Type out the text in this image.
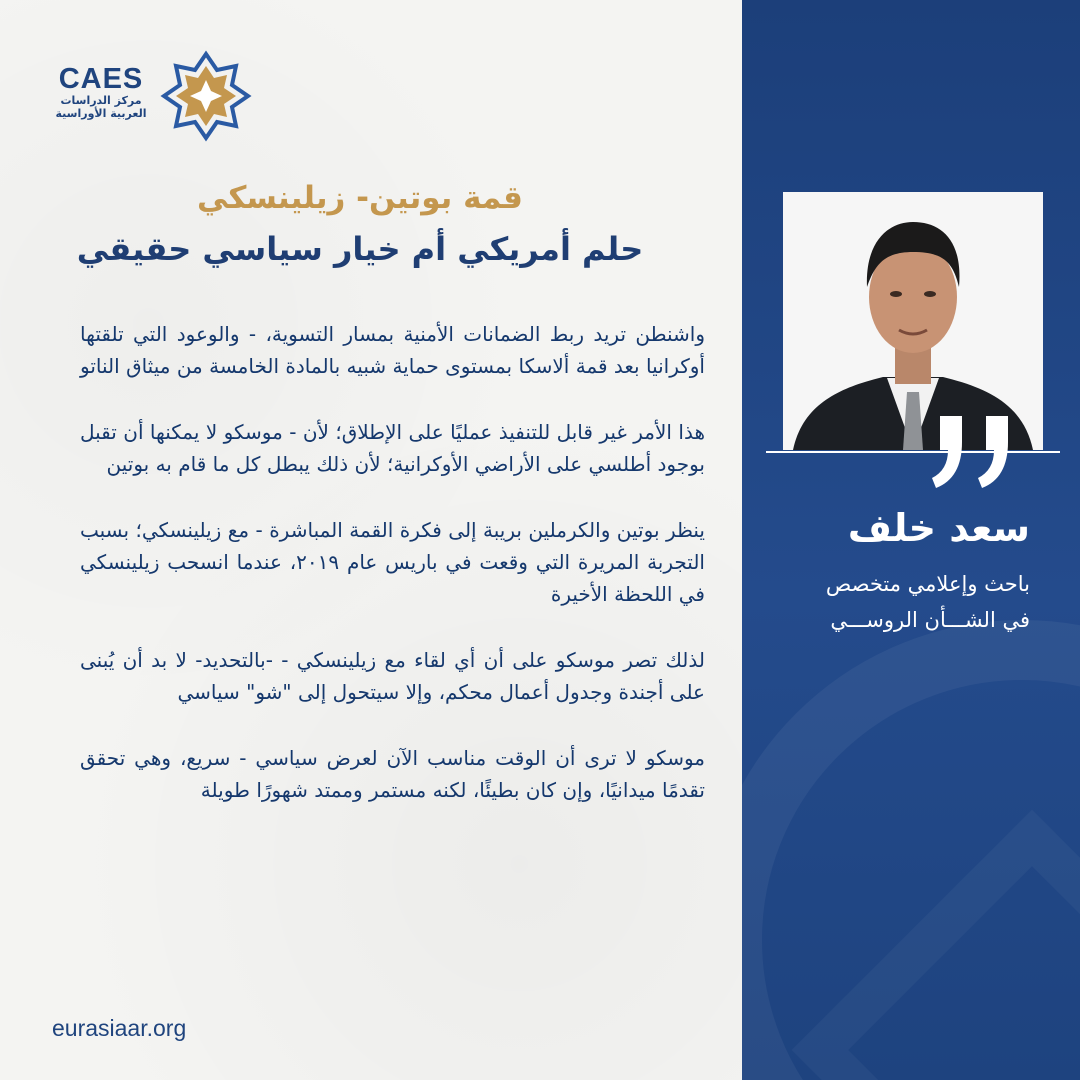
CAES
مركز الدراسات
العربية الأوراسية
قمة بوتين- زيلينسكي
حلم أمريكي أم خيار سياسي حقيقي

واشنطن تريد ربط الضمانات الأمنية بمسار التسوية، - والوعود التي تلقتها أوكرانيا بعد قمة ألاسكا بمستوى حماية شبيه بالمادة الخامسة من ميثاق الناتو

هذا الأمر غير قابل للتنفيذ عمليًا على الإطلاق؛ لأن - موسكو لا يمكنها أن تقبل بوجود أطلسي على الأراضي الأوكرانية؛ لأن ذلك يبطل كل ما قام به بوتين

ينظر بوتين والكرملين بريبة إلى فكرة القمة المباشرة - مع زيلينسكي؛ بسبب التجربة المريرة التي وقعت في باريس عام ٢٠١٩، عندما انسحب زيلينسكي في اللحظة الأخيرة

لذلك تصر موسكو على أن أي لقاء مع زيلينسكي - -بالتحديد- لا بد أن يُبنى على أجندة وجدول أعمال محكم، وإلا سيتحول إلى "شو" سياسي

موسكو لا ترى أن الوقت مناسب الآن لعرض سياسي - سريع، وهي تحقق تقدمًا ميدانيًا، وإن كان بطيئًا، لكنه مستمر وممتد شهورًا طويلة

eurasiaar.org
سعد خلف
باحث وإعلامي متخصص
في الشـــأن الروســـي
